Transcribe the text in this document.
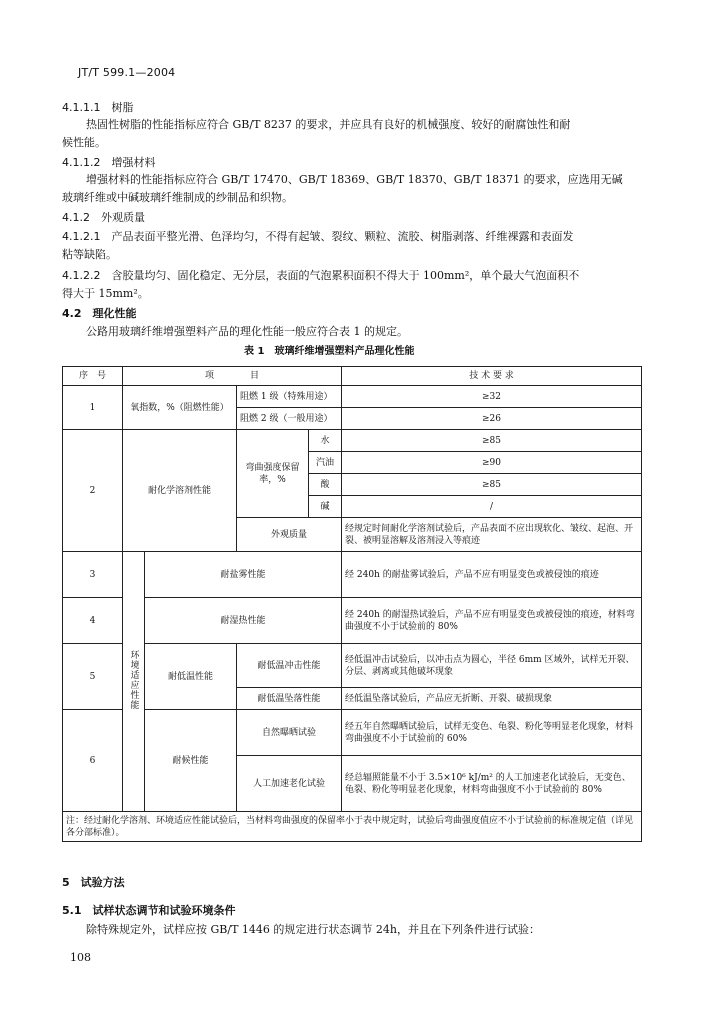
JT/T 599.1—2004
4.1.1.1　 树脂
热固性树脂的性能指标应符合 GB/T 8237 的要求，并应具有良好的机械强度、较好的耐腐蚀性和耐
候性能。
4.1.1.2　 增强材料
增强材料的性能指标应符合 GB/T 17470、GB/T 18369、GB/T 18370、GB/T 18371 的要求，应选用无碱
玻璃纤维或中碱玻璃纤维制成的纱制品和织物。
4.1.2　 外观质量
4.1.2.1　 产品表面平整光滑、色泽均匀，不得有起皱、裂纹、颗粒、流胶、树脂剥落、纤维裸露和表面发
粘等缺陷。
4.1.2.2　 含胶量均匀、固化稳定、无分层，表面的气泡累积面积不得大于 100mm²，单个最大气泡面积不
得大于 15mm²。
4.2　 理化性能
公路用玻璃纤维增强塑料产品的理化性能一般应符合表 1 的规定。
表 1　玻璃纤维增强塑料产品理化性能
序　号	项　　　　目				技 术 要 求
1	氧指数，%（阻燃性能）		阻燃 1 级（特殊用途）		≥32
			阻燃 2 级（一般用途）		≥26
2	耐化学溶剂性能		弯曲强度保留率，%	水	≥85
				汽油	≥90
				酸	≥85
				碱	/
			外观质量		经规定时间耐化学溶剂试验后，产品表面不应出现软化、皱纹、起泡、开裂、被明显溶解及溶剂浸入等痕迹
3	环境适应性能	耐盐雾性能			经 240h 的耐盐雾试验后，产品不应有明显变色或被侵蚀的痕迹
4		耐湿热性能			经 240h 的耐湿热试验后，产品不应有明显变色或被侵蚀的痕迹，材料弯曲强度不小于试验前的 80%
5		耐低温性能	耐低温冲击性能		经低温冲击试验后，以冲击点为圆心，半径 6mm 区域外，试样无开裂、分层、剥离或其他破坏现象
			耐低温坠落性能		经低温坠落试验后，产品应无折断、开裂、破损现象
6		耐候性能	自然曝晒试验		经五年自然曝晒试验后，试样无变色、龟裂、粉化等明显老化现象，材料弯曲强度不小于试验前的 60%
			人工加速老化试验		经总辐照能量不小于 3.5×10⁶ kJ/m² 的人工加速老化试验后，无变色、龟裂、粉化等明显老化现象，材料弯曲强度不小于试验前的 80%
注：经过耐化学溶剂、环境适应性能试验后，当材料弯曲强度的保留率小于表中规定时，试验后弯曲强度值应不小于试验前的标准规定值（详见各分部标准）。					
5　 试验方法
5.1　 试样状态调节和试验环境条件
除特殊规定外，试样应按 GB/T 1446 的规定进行状态调节 24h，并且在下列条件进行试验：
108
